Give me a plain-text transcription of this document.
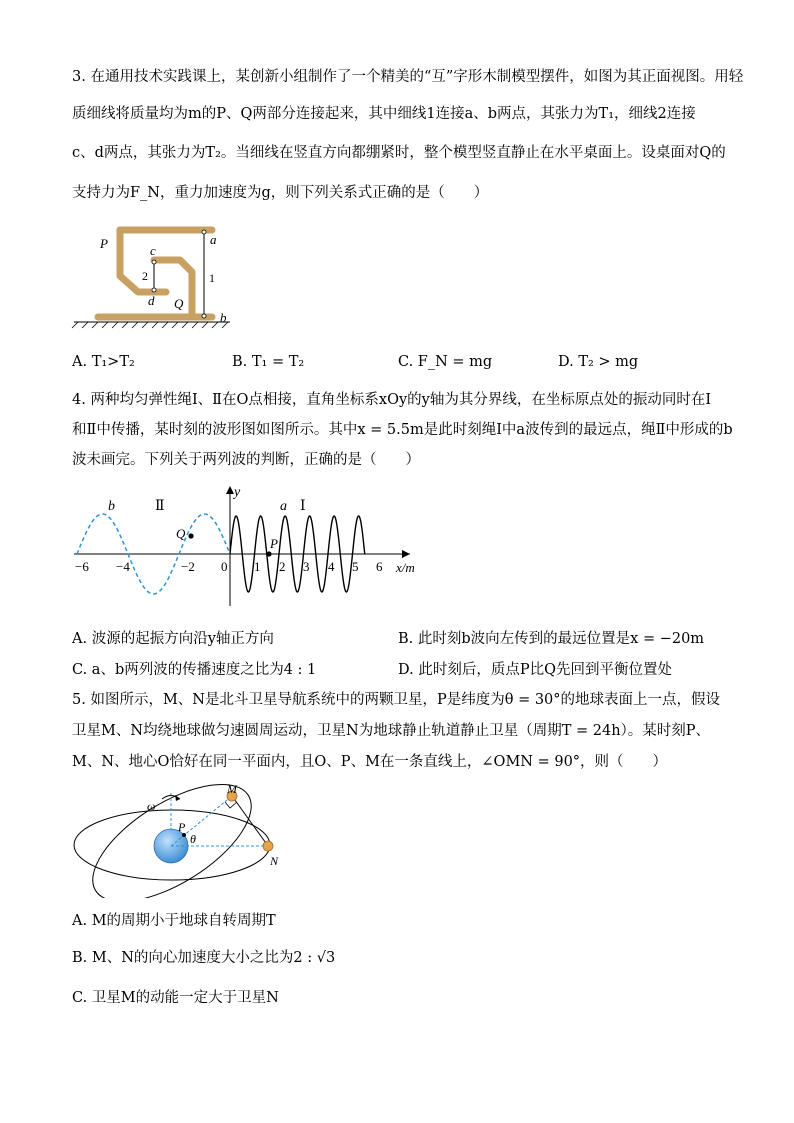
3. 在通用技术实践课上，某创新小组制作了一个精美的“互”字形木制模型摆件，如图为其正面视图。用轻
质细线将质量均为m的P、Q两部分连接起来，其中细线1连接a、b两点，其张力为T₁，细线2连接
c、d两点，其张力为T₂。当细线在竖直方向都绷紧时，整个模型竖直静止在水平桌面上。设桌面对Q的
支持力为F_N，重力加速度为g，则下列关系式正确的是（　　）
P
Q
a
b
c
d
1
2
A. T₁>T₂	B. T₁ = T₂	C. F_N = mg	D. T₂ > mg
4. 两种均匀弹性绳Ⅰ、Ⅱ在O点相接，直角坐标系xOy的y轴为其分界线，在坐标原点处的振动同时在Ⅰ
和Ⅱ中传播，某时刻的波形图如图所示。其中x = 5.5m是此时刻绳Ⅰ中a波传到的最远点，绳Ⅱ中形成的b
波未画完。下列关于两列波的判断，正确的是（　　）
y
x/m
b	Ⅱ	a Ⅰ
Q
P
0
−6 −4	−2	1 2 3 4 5 6
A. 波源的起振方向沿y轴正方向	B. 此时刻b波向左传到的最远位置是x = −20m
C. a、b两列波的传播速度之比为4 : 1	D. 此时刻后，质点P比Q先回到平衡位置处
5. 如图所示，M、N是北斗卫星导航系统中的两颗卫星，P是纬度为θ = 30°的地球表面上一点，假设
卫星M、N均绕地球做匀速圆周运动，卫星N为地球静止轨道静止卫星（周期T = 24h）。某时刻P、
M、N、地心O恰好在同一平面内，且O、P、M在一条直线上，∠OMN = 90°，则（　　）
ω
M
N
P
θ
A. M的周期小于地球自转周期T
B. M、N的向心加速度大小之比为2 : √3
C. 卫星M的动能一定大于卫星N
